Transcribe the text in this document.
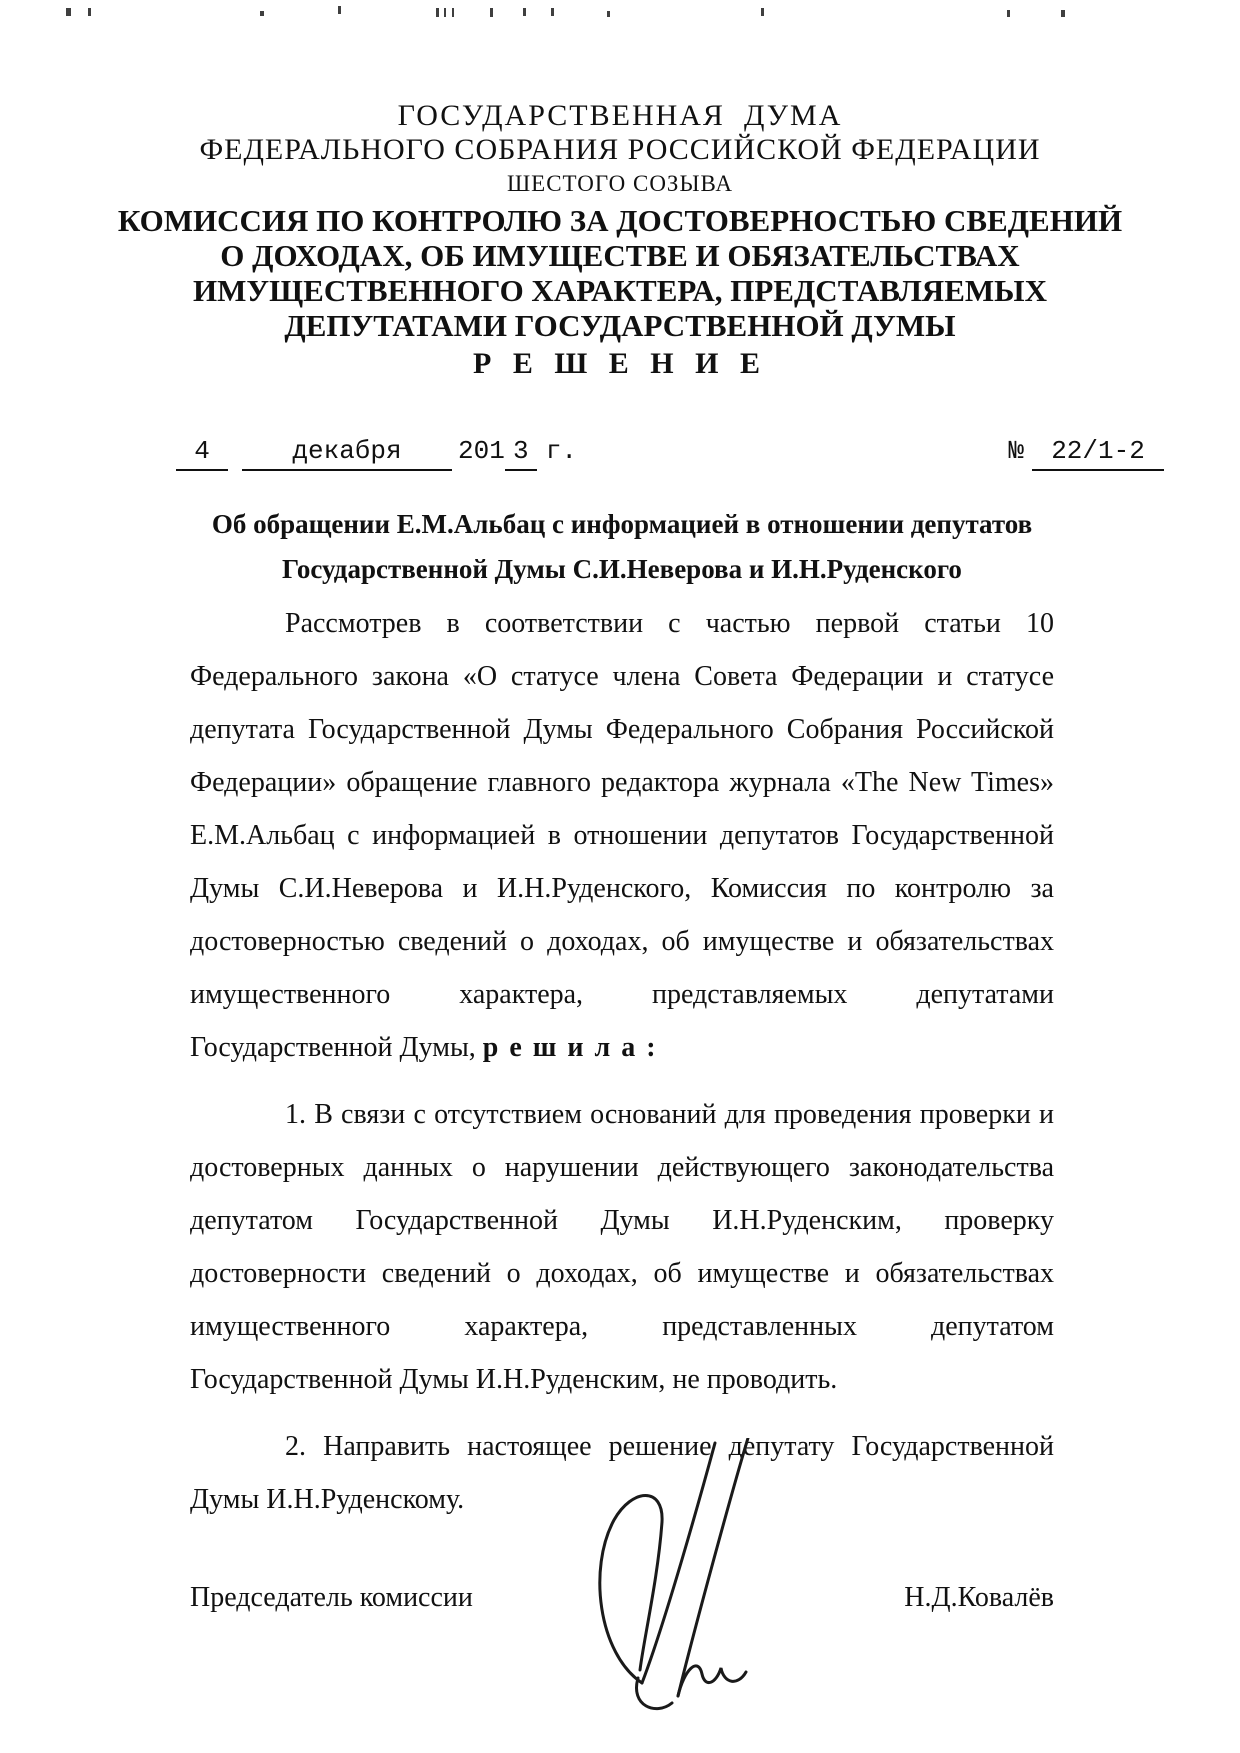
ГОСУДАРСТВЕННАЯ  ДУМА
ФЕДЕРАЛЬНОГО СОБРАНИЯ РОССИЙСКОЙ ФЕДЕРАЦИИ
ШЕСТОГО СОЗЫВА
КОМИССИЯ ПО КОНТРОЛЮ ЗА ДОСТОВЕРНОСТЬЮ СВЕДЕНИЙ
О ДОХОДАХ, ОБ ИМУЩЕСТВЕ И ОБЯЗАТЕЛЬСТВАХ
ИМУЩЕСТВЕННОГО ХАРАКТЕРА, ПРЕДСТАВЛЯЕМЫХ
ДЕПУТАТАМИ ГОСУДАРСТВЕННОЙ ДУМЫ
Р Е Ш Е Н И Е
4	декабря	201 3 г.	№	22/1-2
Об обращении Е.М.Альбац с информацией в отношении депутатов
Государственной Думы С.И.Неверова и И.Н.Руденского

Рассмотрев в соответствии с частью первой статьи 10 Федерального закона «О статусе члена Совета Федерации и статусе депутата Государственной Думы Федерального Собрания Российской Федерации» обращение главного редактора журнала «The New Times» Е.М.Альбац с информацией в отношении депутатов Государственной Думы С.И.Неверова и И.Н.Руденского, Комиссия по контролю за достоверностью сведений о доходах, об имуществе и обязательствах имущественного характера, представляемых депутатами Государственной Думы, р е ш и л а :

1. В связи с отсутствием оснований для проведения проверки и достоверных данных о нарушении действующего законодательства депутатом Государственной Думы И.Н.Руденским, проверку достоверности сведений о доходах, об имуществе и обязательствах имущественного характера, представленных депутатом Государственной Думы И.Н.Руденским, не проводить.

2. Направить настоящее решение депутату Государственной Думы И.Н.Руденскому.

Председатель комиссии	Н.Д.Ковалёв
